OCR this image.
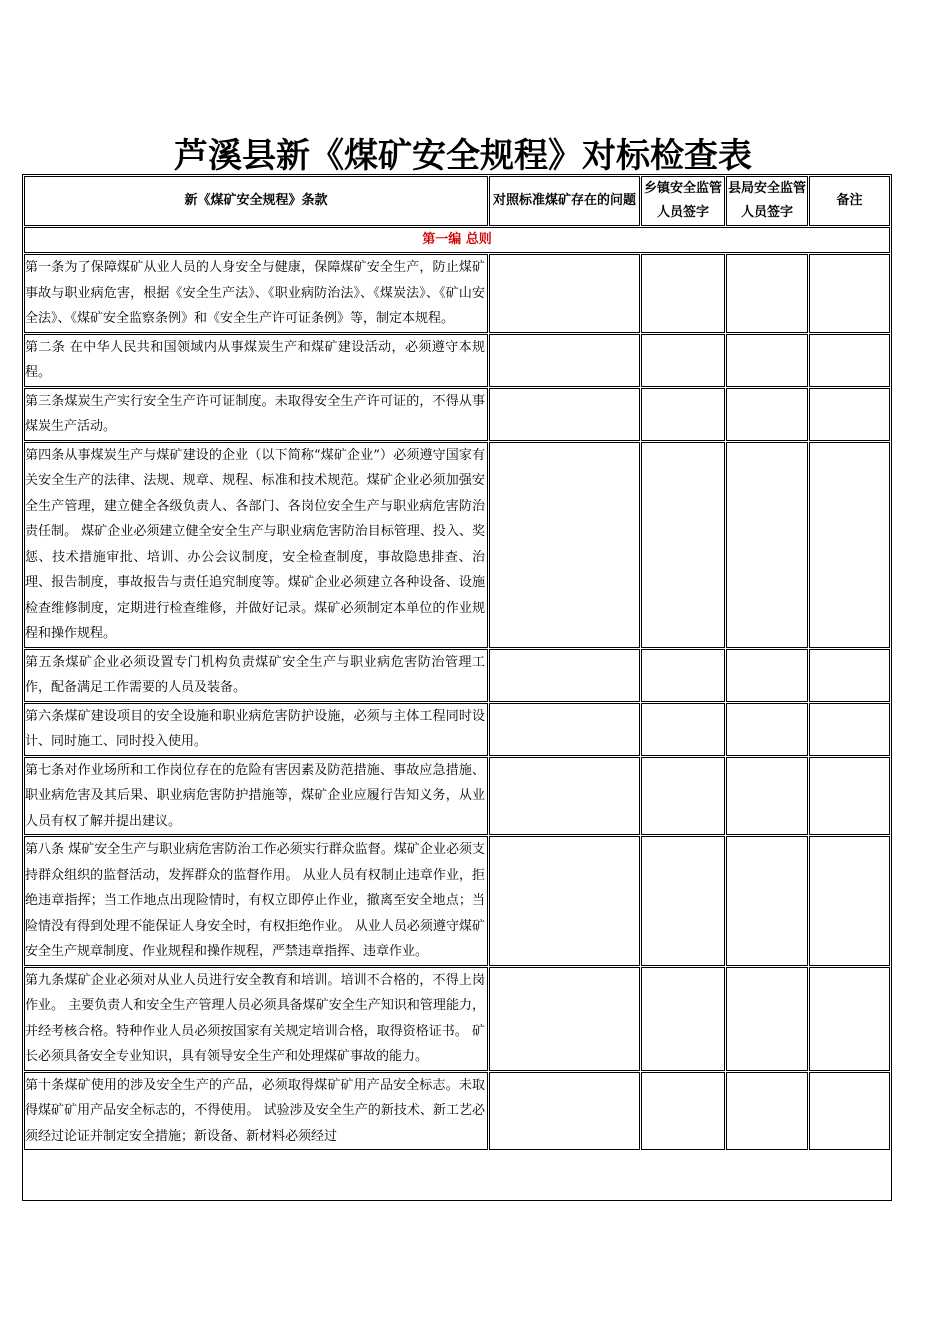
芦溪县新《煤矿安全规程》对标检查表
新《煤矿安全规程》条款	对照标准煤矿存在的问题	乡镇安全监管人员签字	县局安全监管人员签字	备注
第一编 总则				
第一条为了保障煤矿从业人员的人身安全与健康，保障煤矿安全生产，防止煤矿事故与职业病危害，根据《安全生产法》、《职业病防治法》、《煤炭法》、《矿山安全法》、《煤矿安全监察条例》和《安全生产许可证条例》等，制定本规程。				
第二条 在中华人民共和国领域内从事煤炭生产和煤矿建设活动，必须遵守本规程。				
第三条煤炭生产实行安全生产许可证制度。未取得安全生产许可证的，不得从事煤炭生产活动。				
第四条从事煤炭生产与煤矿建设的企业（以下简称“煤矿企业”）必须遵守国家有关安全生产的法律、法规、规章、规程、标准和技术规范。煤矿企业必须加强安全生产管理，建立健全各级负责人、各部门、各岗位安全生产与职业病危害防治责任制。 煤矿企业必须建立健全安全生产与职业病危害防治目标管理、投入、奖惩、技术措施审批、培训、办公会议制度，安全检查制度，事故隐患排查、治理、报告制度，事故报告与责任追究制度等。煤矿企业必须建立各种设备、设施检查维修制度，定期进行检查维修，并做好记录。煤矿必须制定本单位的作业规程和操作规程。				
第五条煤矿企业必须设置专门机构负责煤矿安全生产与职业病危害防治管理工作，配备满足工作需要的人员及装备。				
第六条煤矿建设项目的安全设施和职业病危害防护设施，必须与主体工程同时设计、同时施工、同时投入使用。				
第七条对作业场所和工作岗位存在的危险有害因素及防范措施、事故应急措施、职业病危害及其后果、职业病危害防护措施等，煤矿企业应履行告知义务，从业人员有权了解并提出建议。				
第八条 煤矿安全生产与职业病危害防治工作必须实行群众监督。煤矿企业必须支持群众组织的监督活动，发挥群众的监督作用。 从业人员有权制止违章作业，拒绝违章指挥；当工作地点出现险情时，有权立即停止作业，撤离至安全地点；当险情没有得到处理不能保证人身安全时，有权拒绝作业。 从业人员必须遵守煤矿安全生产规章制度、作业规程和操作规程，严禁违章指挥、违章作业。				
第九条煤矿企业必须对从业人员进行安全教育和培训。培训不合格的，不得上岗作业。 主要负责人和安全生产管理人员必须具备煤矿安全生产知识和管理能力，并经考核合格。特种作业人员必须按国家有关规定培训合格，取得资格证书。 矿长必须具备安全专业知识，具有领导安全生产和处理煤矿事故的能力。				
第十条煤矿使用的涉及安全生产的产品，必须取得煤矿矿用产品安全标志。未取得煤矿矿用产品安全标志的，不得使用。 试验涉及安全生产的新技术、新工艺必须经过论证并制定安全措施；新设备、新材料必须经过				
